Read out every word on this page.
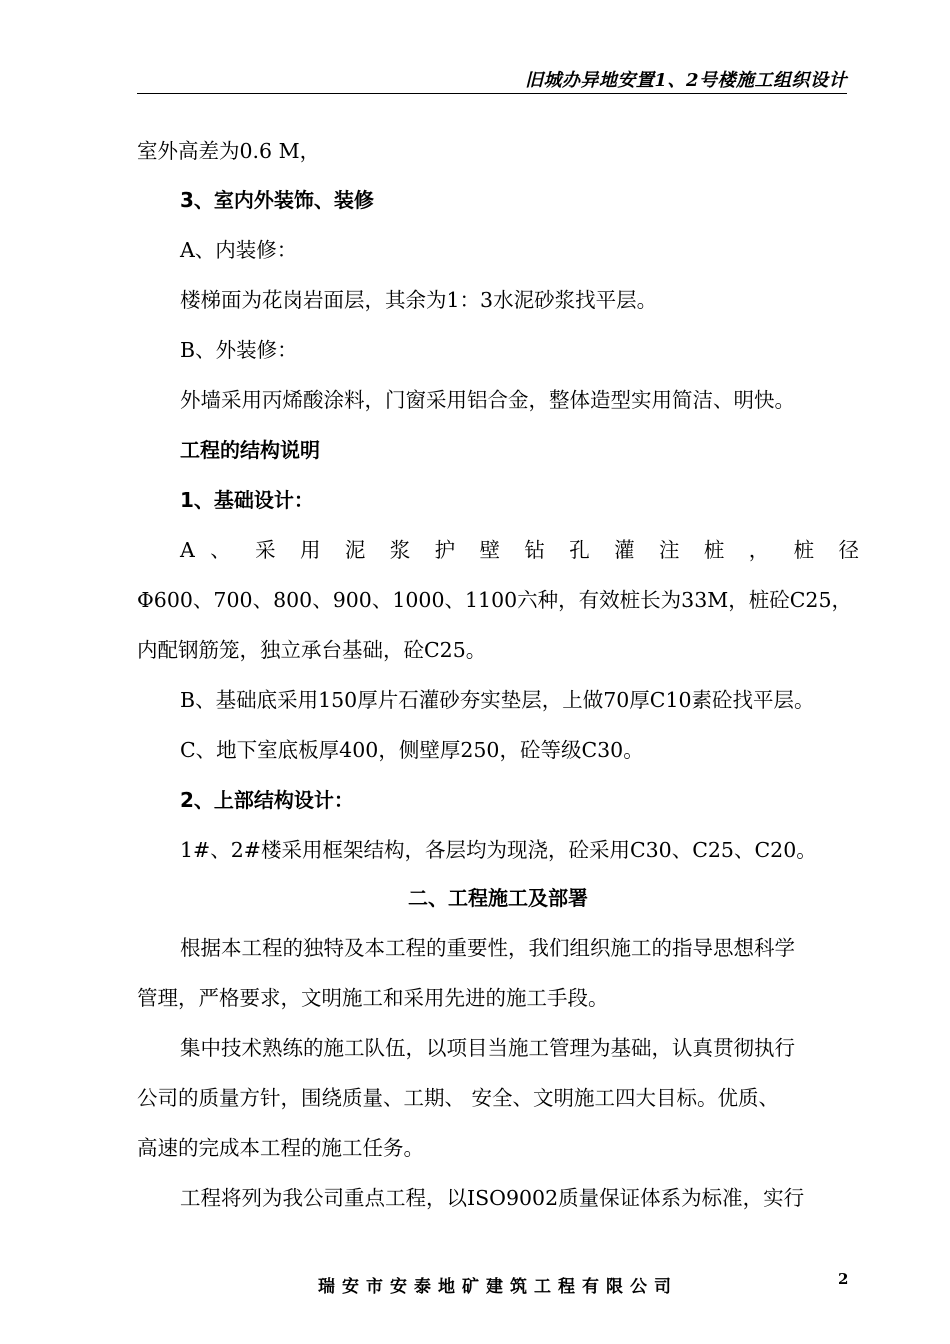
旧城办异地安置1、2号楼施工组织设计
室外高差为0.6 M，
3、室内外装饰、装修
A、内装修：
楼梯面为花岗岩面层，其余为1：3水泥砂浆找平层。
B、外装修：
外墙采用丙烯酸涂料，门窗采用铝合金，整体造型实用简洁、明快。
工程的结构说明
1、基础设计：
A 、 采 用 泥 浆 护 壁 钻 孔 灌 注 桩 ， 桩 径
Φ600、700、800、900、1000、1100六种，有效桩长为33M，桩砼C25，
内配钢筋笼，独立承台基础，砼C25。
B、基础底采用150厚片石灌砂夯实垫层，上做70厚C10素砼找平层。
C、地下室底板厚400，侧壁厚250，砼等级C30。
2、上部结构设计：
1#、2#楼采用框架结构，各层均为现浇，砼采用C30、C25、C20。
二、工程施工及部署
根据本工程的独特及本工程的重要性，我们组织施工的指导思想科学
管理，严格要求，文明施工和采用先进的施工手段。
集中技术熟练的施工队伍，以项目当施工管理为基础，认真贯彻执行
公司的质量方针，围绕质量、工期、 安全、文明施工四大目标。优质、
高速的完成本工程的施工任务。
工程将列为我公司重点工程，以ISO9002质量保证体系为标准，实行
瑞安市安泰地矿建筑工程有限公司	2
